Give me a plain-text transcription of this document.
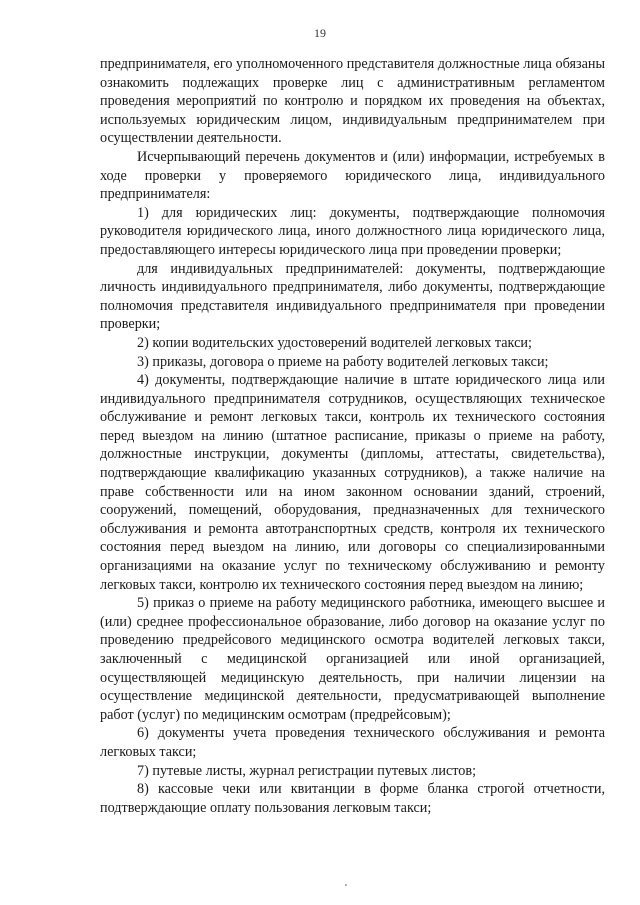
19

предпринимателя, его уполномоченного представителя должностные лица обязаны ознакомить подлежащих проверке лиц с административным регламентом проведения мероприятий по контролю и порядком их проведения на объектах, используемых юридическим лицом, индивидуальным предпринимателем при осуществлении деятельности.

Исчерпывающий перечень документов и (или) информации, истребуемых в ходе проверки у проверяемого юридического лица, индивидуального предпринимателя:

1) для юридических лиц: документы, подтверждающие полномочия руководителя юридического лица, иного должностного лица юридического лица, предоставляющего интересы юридического лица при проведении проверки;

для индивидуальных предпринимателей: документы, подтверждающие личность индивидуального предпринимателя, либо документы, подтверждающие полномочия представителя индивидуального предпринимателя при проведении проверки;

2) копии водительских удостоверений водителей легковых такси;

3) приказы, договора о приеме на работу водителей легковых такси;

4) документы, подтверждающие наличие в штате юридического лица или индивидуального предпринимателя сотрудников, осуществляющих техническое обслуживание и ремонт легковых такси, контроль их технического состояния перед выездом на линию (штатное расписание, приказы о приеме на работу, должностные инструкции, документы (дипломы, аттестаты, свидетельства), подтверждающие квалификацию указанных сотрудников), а также наличие на праве собственности или на ином законном основании зданий, строений, сооружений, помещений, оборудования, предназначенных для технического обслуживания и ремонта автотранспортных средств, контроля их технического состояния перед выездом на линию, или договоры со специализированными организациями на оказание услуг по техническому обслуживанию и ремонту легковых такси, контролю их технического состояния перед выездом на линию;

5) приказ о приеме на работу медицинского работника, имеющего высшее и (или) среднее профессиональное образование, либо договор на оказание услуг по проведению предрейсового медицинского осмотра водителей легковых такси, заключенный с медицинской организацией или иной организацией, осуществляющей медицинскую деятельность, при наличии лицензии на осуществление медицинской деятельности, предусматривающей выполнение работ (услуг) по медицинским осмотрам (предрейсовым);

6) документы учета проведения технического обслуживания и ремонта легковых такси;

7) путевые листы, журнал регистрации путевых листов;

8) кассовые чеки или квитанции в форме бланка строгой отчетности, подтверждающие оплату пользования легковым такси;
